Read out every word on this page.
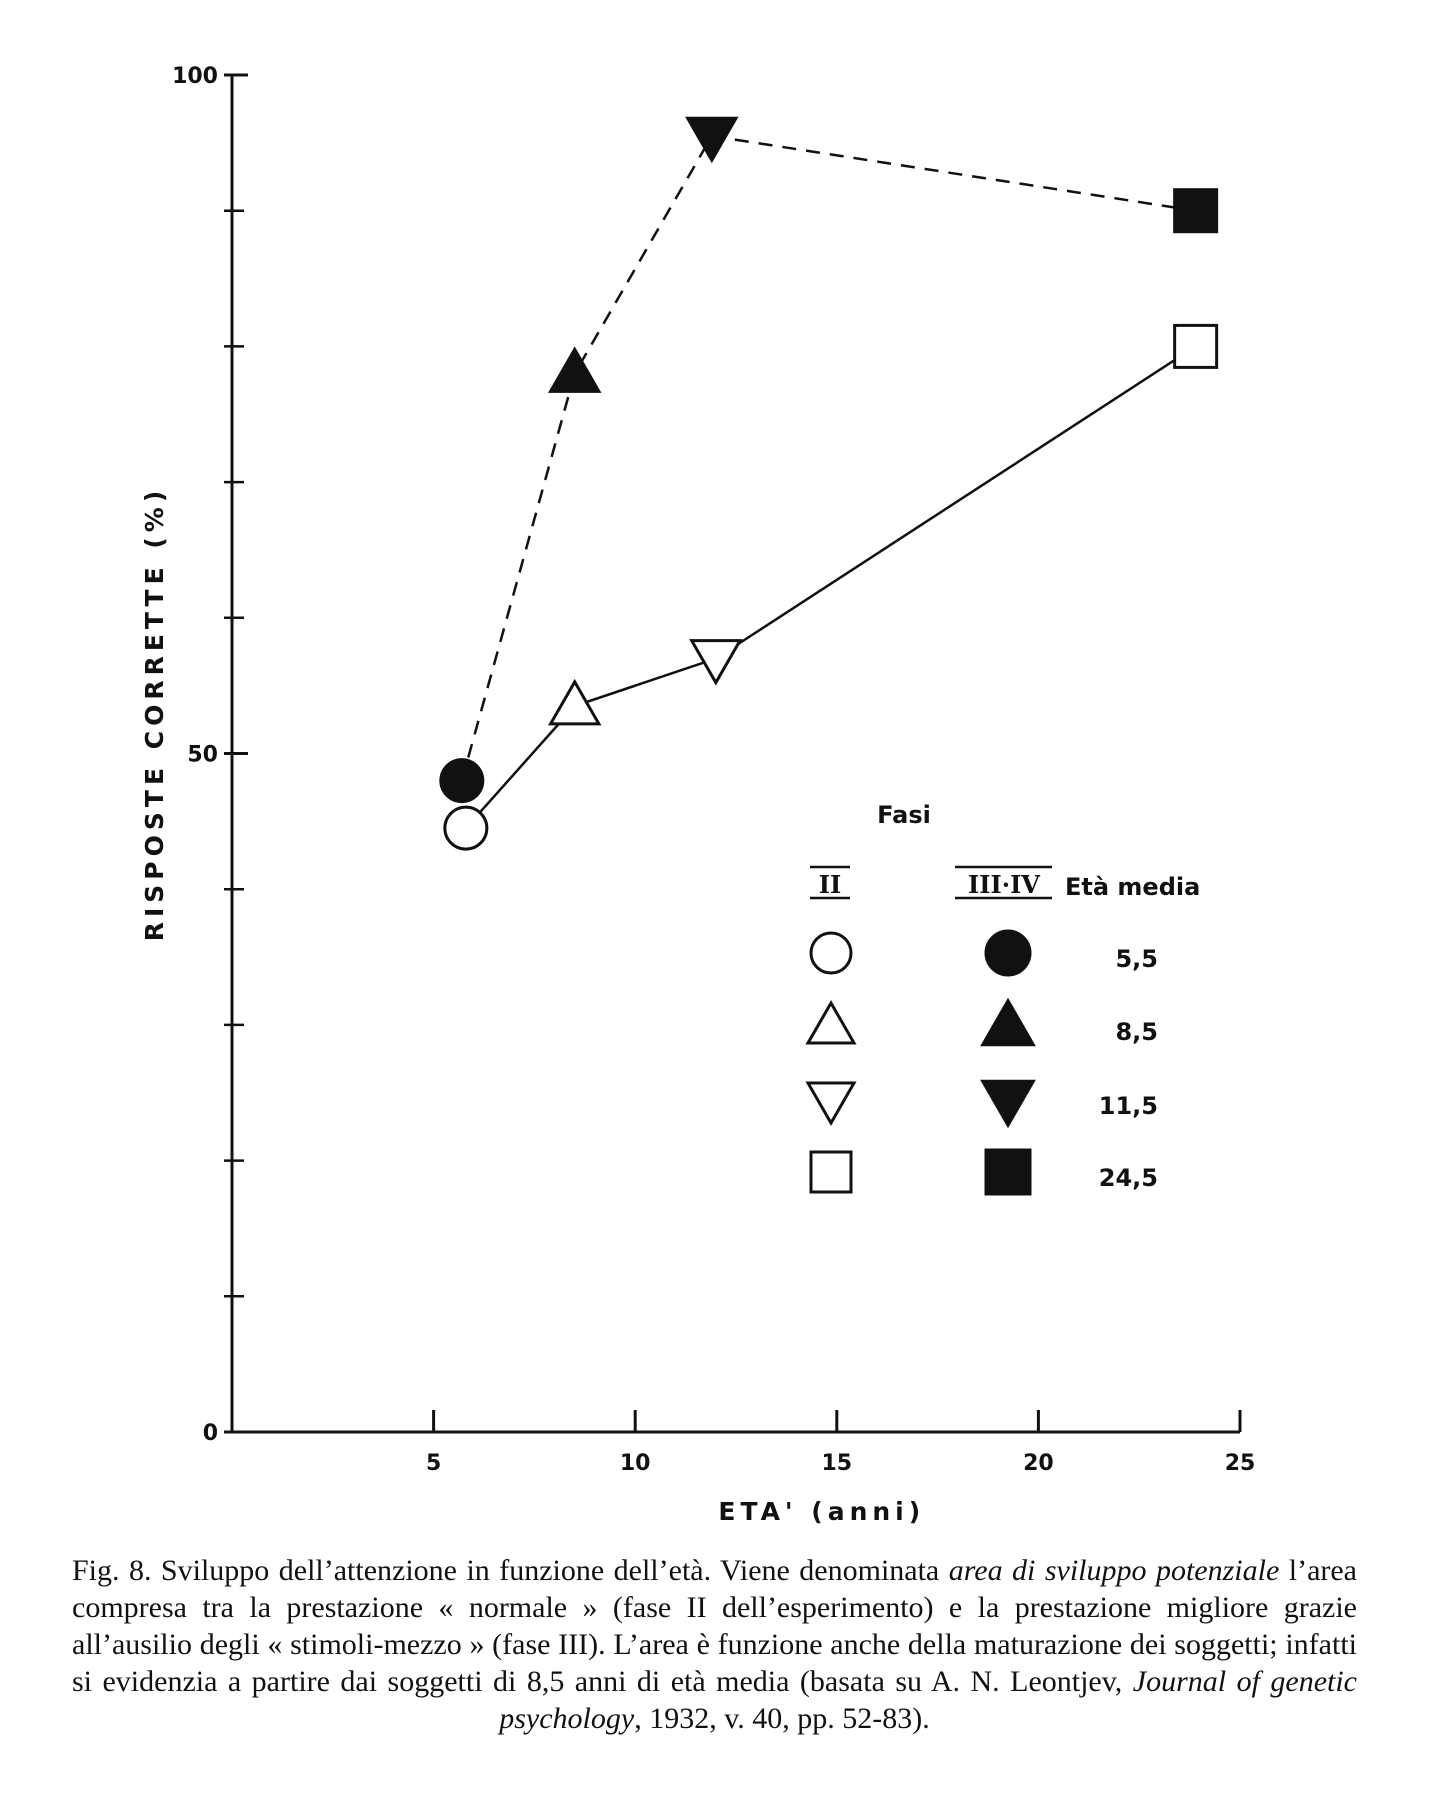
0
50
100
5	10	15	20	25
ETA' (anni)
RISPOSTE CORRETTE (%)	Fasi
II	III·IV Età media
5,5
8,5
11,5
24,5
Fig. 8. Sviluppo dell’attenzione in funzione dell’età. Viene denominata area di sviluppo potenziale l’area compresa tra la prestazione « normale » (fase II dell’esperimento) e la prestazione migliore grazie all’ausilio degli « stimoli-mezzo » (fase III). L’area è funzione anche della maturazione dei soggetti; infatti si evidenzia a partire dai soggetti di 8,5 anni di età media (basata su A. N. Leontjev, Journal of genetic psychology, 1932, v. 40, pp. 52-83).
